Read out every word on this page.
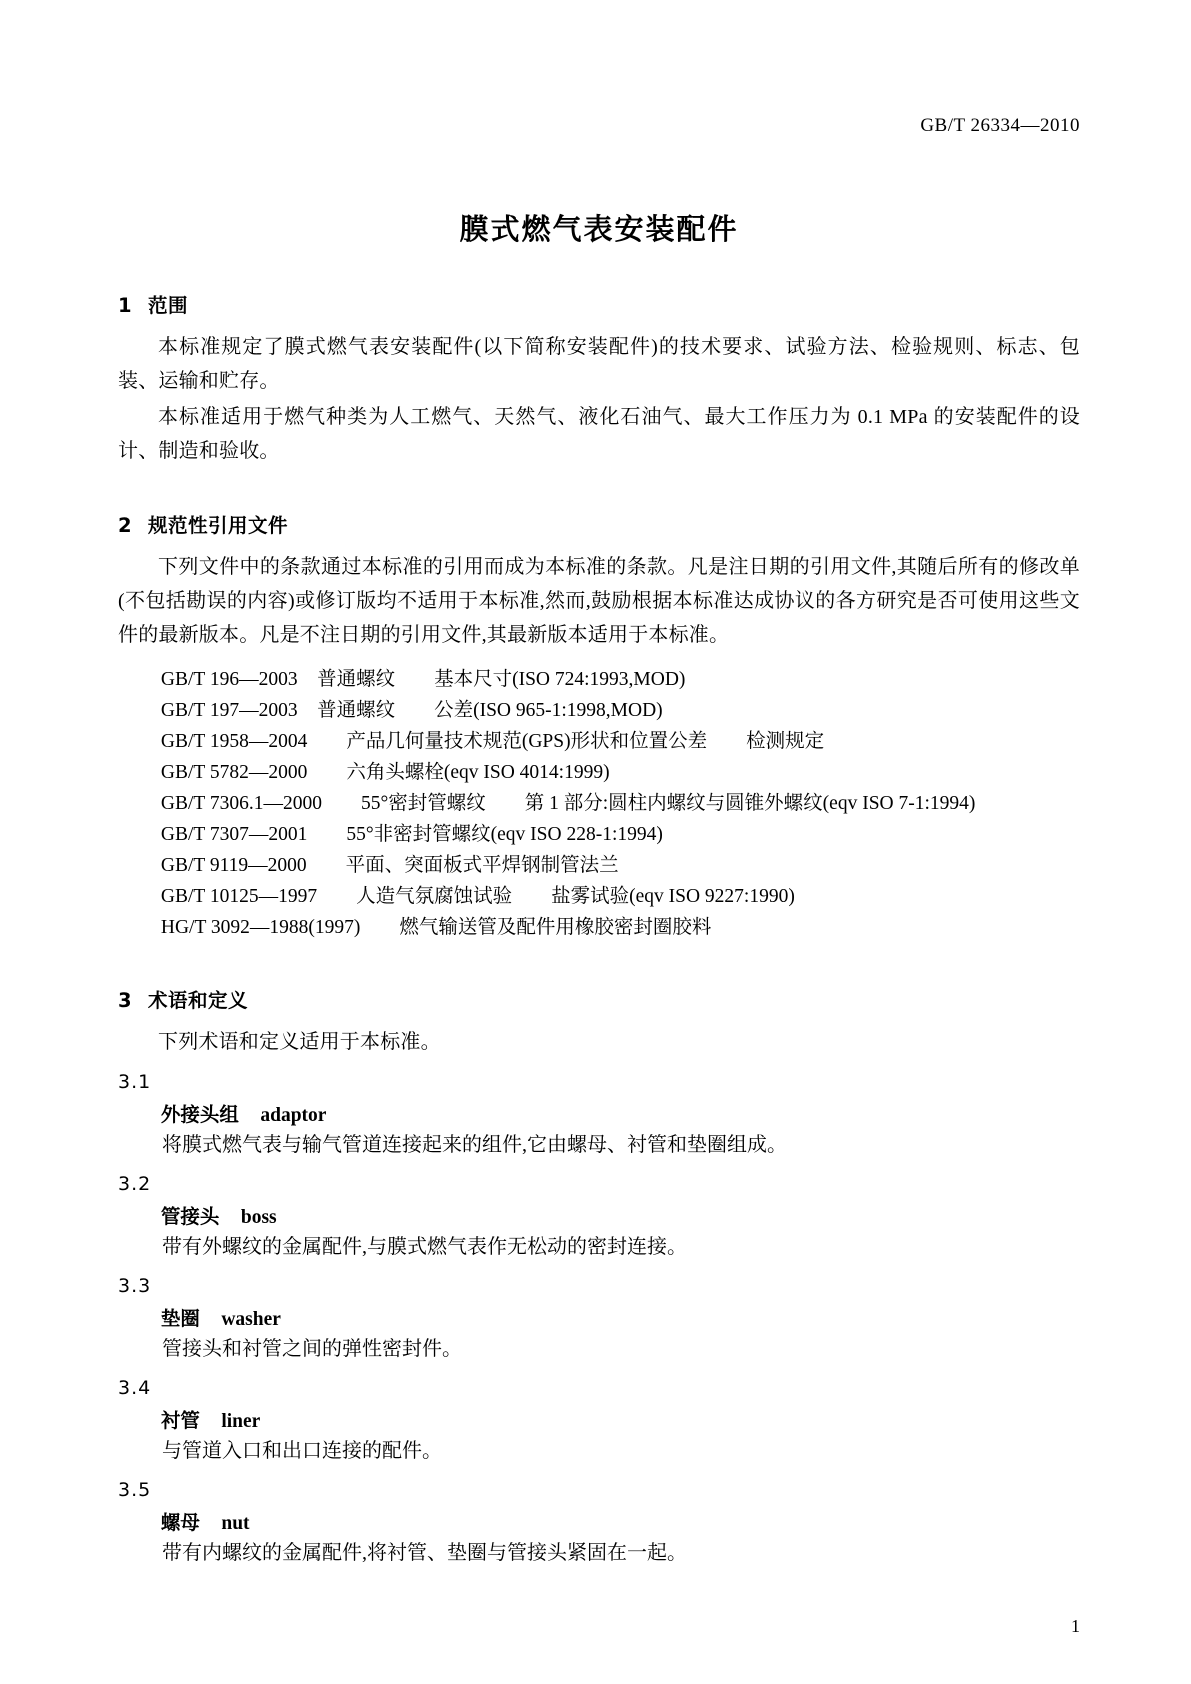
GB/T 26334—2010
膜式燃气表安装配件
1 范围
本标准规定了膜式燃气表安装配件(以下简称安装配件)的技术要求、试验方法、检验规则、标志、包装、运输和贮存。
本标准适用于燃气种类为人工燃气、天然气、液化石油气、最大工作压力为 0.1 MPa 的安装配件的设计、制造和验收。
2 规范性引用文件
下列文件中的条款通过本标准的引用而成为本标准的条款。凡是注日期的引用文件,其随后所有的修改单(不包括勘误的内容)或修订版均不适用于本标准,然而,鼓励根据本标准达成协议的各方研究是否可使用这些文件的最新版本。凡是不注日期的引用文件,其最新版本适用于本标准。
GB/T 196—2003　普通螺纹　　基本尺寸(ISO 724:1993,MOD)
GB/T 197—2003　普通螺纹　　公差(ISO 965-1:1998,MOD)
GB/T 1958—2004　　产品几何量技术规范(GPS)形状和位置公差　　检测规定
GB/T 5782—2000　　六角头螺栓(eqv ISO 4014:1999)
GB/T 7306.1—2000　　55°密封管螺纹　　第 1 部分:圆柱内螺纹与圆锥外螺纹(eqv ISO 7-1:1994)
GB/T 7307—2001　　55°非密封管螺纹(eqv ISO 228-1:1994)
GB/T 9119—2000　　平面、突面板式平焊钢制管法兰
GB/T 10125—1997　　人造气氛腐蚀试验　　盐雾试验(eqv ISO 9227:1990)
HG/T 3092—1988(1997)　　燃气输送管及配件用橡胶密封圈胶料
3 术语和定义
下列术语和定义适用于本标准。
3.1
外接头组 adaptor
将膜式燃气表与输气管道连接起来的组件,它由螺母、衬管和垫圈组成。
3.2
管接头 boss
带有外螺纹的金属配件,与膜式燃气表作无松动的密封连接。
3.3
垫圈 washer
管接头和衬管之间的弹性密封件。
3.4
衬管 liner
与管道入口和出口连接的配件。
3.5
螺母 nut
带有内螺纹的金属配件,将衬管、垫圈与管接头紧固在一起。
1
